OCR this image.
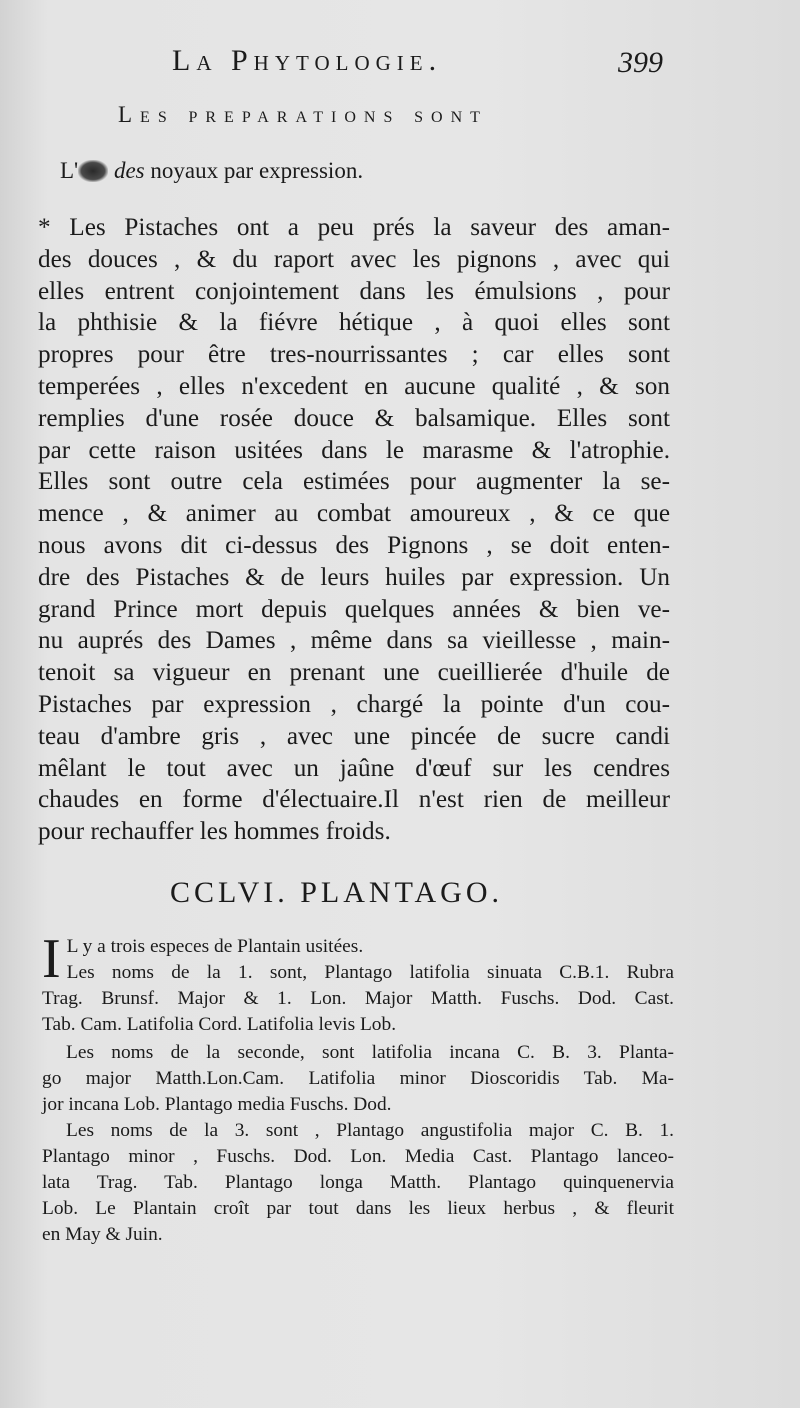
La Phytologie.	399
Les preparations sont
L' des noyaux par expression.
* Les Pistaches ont a peu prés la saveur des aman-
des douces , & du raport avec les pignons , avec qui
elles entrent conjointement dans les émulsions , pour
la phthisie & la fiévre hétique , à quoi elles sont
propres pour être tres-nourrissantes ; car elles sont
temperées , elles n'excedent en aucune qualité , & son
remplies d'une rosée douce & balsamique. Elles sont
par cette raison usitées dans le marasme & l'atrophie.
Elles sont outre cela estimées pour augmenter la se-
mence , & animer au combat amoureux , & ce que
nous avons dit ci-dessus des Pignons , se doit enten-
dre des Pistaches & de leurs huiles par expression. Un
grand Prince mort depuis quelques années & bien ve-
nu auprés des Dames , même dans sa vieillesse , main-
tenoit sa vigueur en prenant une cueillierée d'huile de
Pistaches par expression , chargé la pointe d'un cou-
teau d'ambre gris , avec une pincée de sucre candi
mêlant le tout avec un jaûne d'œuf sur les cendres
chaudes en forme d'électuaire.Il n'est rien de meilleur
pour rechauffer les hommes froids.
CCLVI. PLANTAGO.
I L y a trois especes de Plantain usitées.
Les noms de la 1. sont, Plantago latifolia sinuata C.B.1. Rubra
Trag. Brunsf. Major & 1. Lon. Major Matth. Fuschs. Dod. Cast.
Tab. Cam. Latifolia Cord. Latifolia levis Lob.
Les noms de la seconde, sont latifolia incana C. B. 3. Planta-
go major Matth.Lon.Cam. Latifolia minor Dioscoridis Tab. Ma-
jor incana Lob. Plantago media Fuschs. Dod.
Les noms de la 3. sont , Plantago angustifolia major C. B. 1.
Plantago minor , Fuschs. Dod. Lon. Media Cast. Plantago lanceo-
lata Trag. Tab. Plantago longa Matth. Plantago quinquenervia
Lob. Le Plantain croît par tout dans les lieux herbus , & fleurit
en May & Juin.
